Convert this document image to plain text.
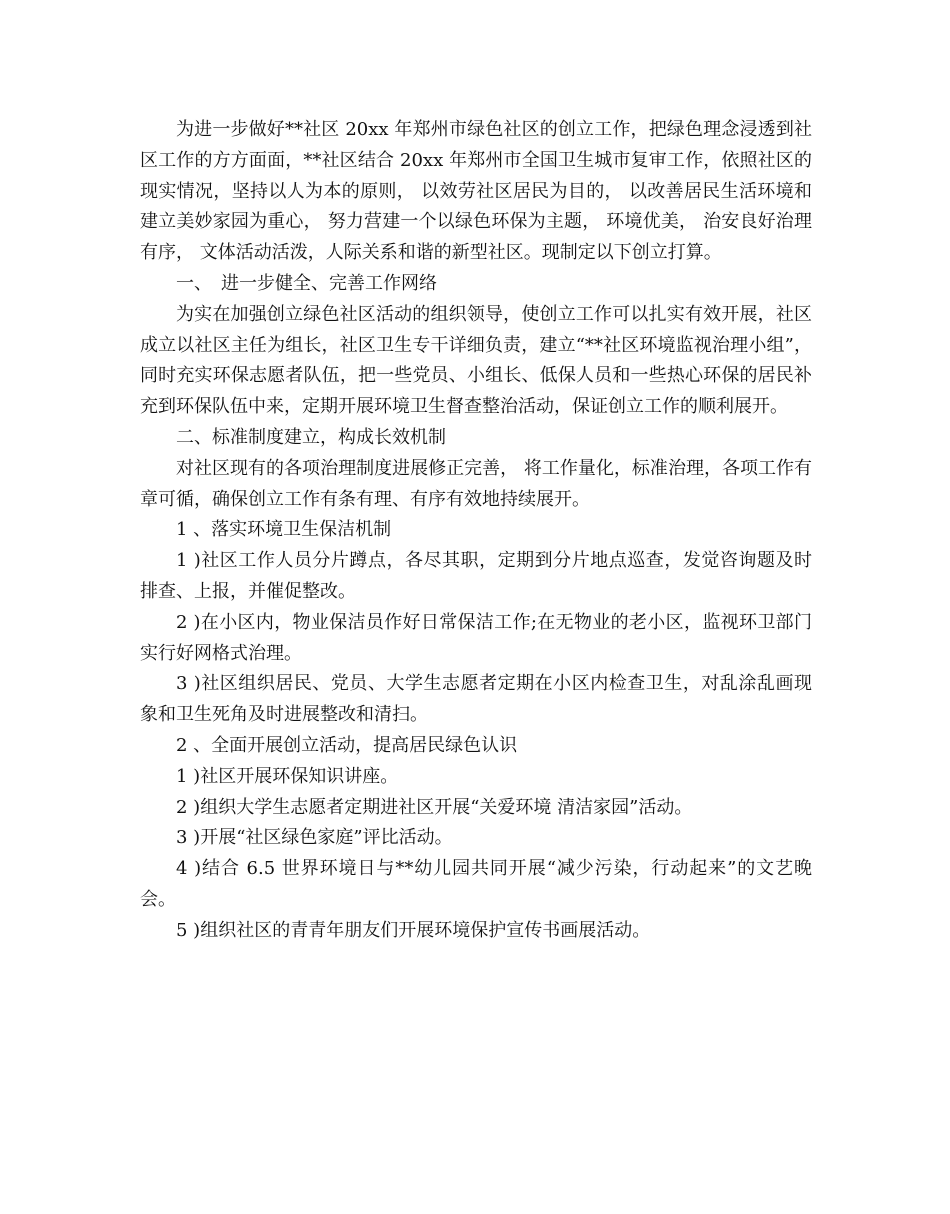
为进一步做好**社区 20xx 年郑州市绿色社区的创立工作，把绿色理念浸透到社区工作的方方面面，**社区结合 20xx 年郑州市全国卫生城市复审工作，依照社区的现实情况，坚持以人为本的原则， 以效劳社区居民为目的， 以改善居民生活环境和建立美妙家园为重心， 努力营建一个以绿色环保为主题， 环境优美， 治安良好治理有序， 文体活动活泼，人际关系和谐的新型社区。现制定以下创立打算。

一、　进一步健全、完善工作网络

为实在加强创立绿色社区活动的组织领导，使创立工作可以扎实有效开展，社区成立以社区主任为组长，社区卫生专干详细负责，建立“**社区环境监视治理小组”，同时充实环保志愿者队伍，把一些党员、小组长、低保人员和一些热心环保的居民补充到环保队伍中来，定期开展环境卫生督查整治活动，保证创立工作的顺利展开。

二、标准制度建立，构成长效机制

对社区现有的各项治理制度进展修正完善， 将工作量化，标准治理，各项工作有章可循，确保创立工作有条有理、有序有效地持续展开。

1 、落实环境卫生保洁机制

1 )社区工作人员分片蹲点，各尽其职，定期到分片地点巡查，发觉咨询题及时排查、上报，并催促整改。

2 )在小区内，物业保洁员作好日常保洁工作;在无物业的老小区，监视环卫部门实行好网格式治理。

3 )社区组织居民、党员、大学生志愿者定期在小区内检查卫生，对乱涂乱画现象和卫生死角及时进展整改和清扫。

2 、全面开展创立活动，提高居民绿色认识

1 )社区开展环保知识讲座。

2 )组织大学生志愿者定期进社区开展“关爱环境 清洁家园”活动。

3 )开展“社区绿色家庭”评比活动。

4 )结合 6.5 世界环境日与**幼儿园共同开展“减少污染，行动起来”的文艺晚会。

5 )组织社区的青青年朋友们开展环境保护宣传书画展活动。
